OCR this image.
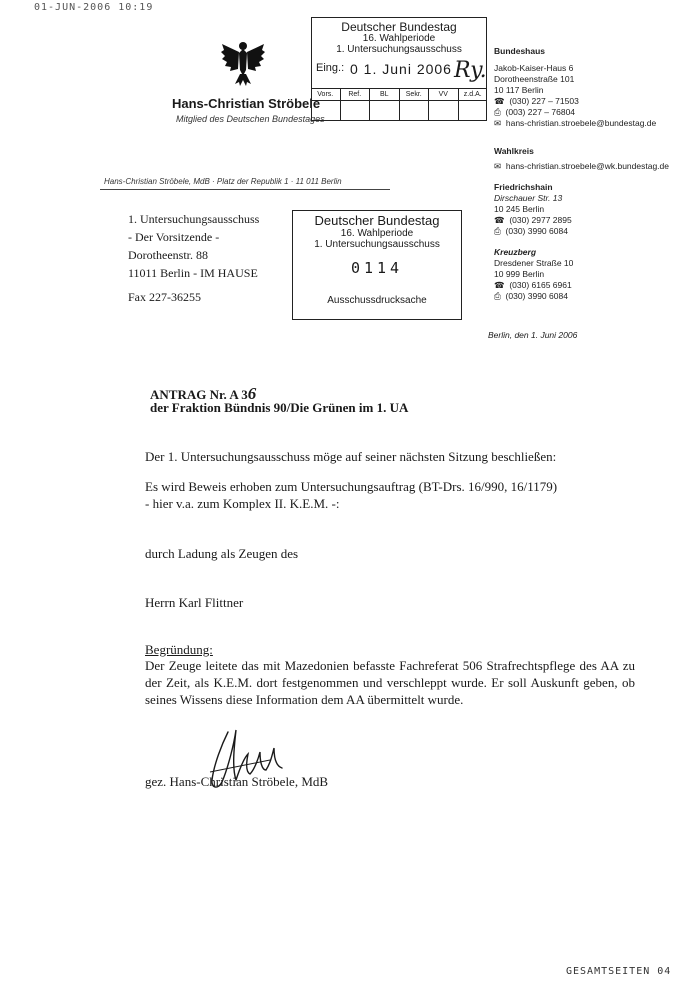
01-JUN-2006 10:19
Hans-Christian Ströbele
Mitglied des Deutschen Bundestages
Deutscher Bundestag
16. Wahlperiode
1. Untersuchungsausschuss
Eing.: 0 1. Juni 2006 Ry.
Vors.	Ref.	BL	Sekr.	VV	z.d.A.
Bundeshaus
Jakob-Kaiser-Haus 6
Dorotheenstraße 101
10 117 Berlin
☎ (030) 227 – 71503
⎙ (003) 227 – 76804
✉ hans-christian.stroebele@bundestag.de
Wahlkreis
✉ hans-christian.stroebele@wk.bundestag.de
Friedrichshain
Dirschauer Str. 13
10 245 Berlin
☎ (030) 2977 2895
⎙ (030) 3990 6084
Kreuzberg
Dresdener Straße 10
10 999 Berlin
☎ (030) 6165 6961
⎙ (030) 3990 6084
Hans-Christian Ströbele, MdB · Platz der Republik 1 · 11 011 Berlin
1. Untersuchungsausschuss
- Der Vorsitzende -
Dorotheenstr. 88
11011 Berlin - IM HAUSE
Fax 227-36255
Deutscher Bundestag
16. Wahlperiode
1. Untersuchungsausschuss
0114
Ausschussdrucksache
Berlin, den 1. Juni 2006
ANTRAG Nr. A 36
der Fraktion Bündnis 90/Die Grünen im 1. UA
Der 1. Untersuchungsausschuss möge auf seiner nächsten Sitzung beschließen:
Es wird Beweis erhoben zum Untersuchungsauftrag (BT-Drs. 16/990, 16/1179)
- hier v.a. zum Komplex II. K.E.M. -:
durch Ladung als Zeugen des
Herrn Karl Flittner
Begründung:
Der Zeuge leitete das mit Mazedonien befasste Fachreferat 506 Strafrechtspflege des AA zu der Zeit, als K.E.M. dort festgenommen und verschleppt wurde. Er soll Auskunft geben, ob seines Wissens diese Information dem AA übermittelt wurde.
gez. Hans-Christian Ströbele, MdB
GESAMTSEITEN 04
